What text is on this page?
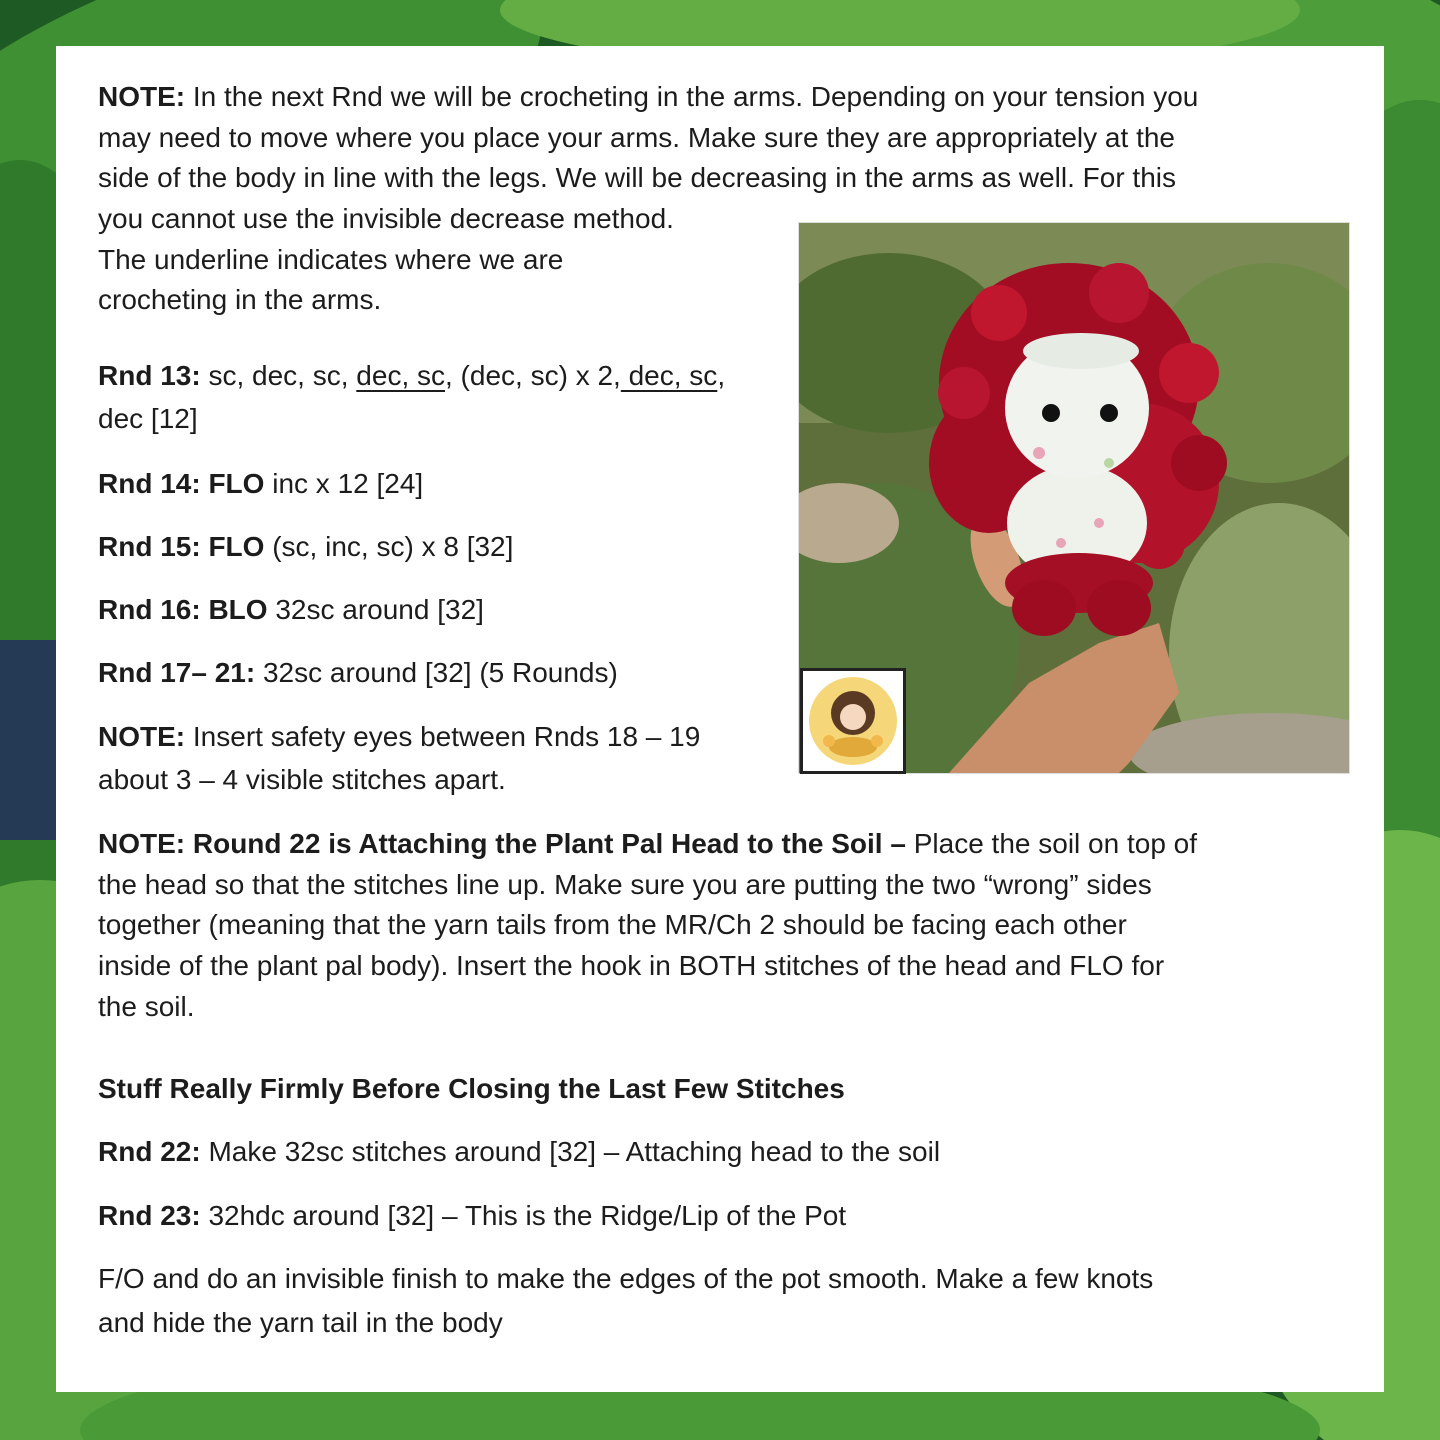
NOTE: In the next Rnd we will be crocheting in the arms. Depending on your tension you
may need to move where you place your arms. Make sure they are appropriately at the
side of the body in line with the legs. We will be decreasing in the arms as well. For this
you cannot use the invisible decrease method.
The underline indicates where we are
crocheting in the arms.
Rnd 13: sc, dec, sc, dec, sc, (dec, sc) x 2, dec, sc,
dec [12]
Rnd 14: FLO inc x 12 [24]
Rnd 15: FLO (sc, inc, sc) x 8 [32]
Rnd 16: BLO 32sc around [32]
Rnd 17– 21: 32sc around [32] (5 Rounds)
NOTE: Insert safety eyes between Rnds 18 – 19
about 3 – 4 visible stitches apart.
NOTE: Round 22 is Attaching the Plant Pal Head to the Soil – Place the soil on top of
the head so that the stitches line up. Make sure you are putting the two “wrong” sides
together (meaning that the yarn tails from the MR/Ch 2 should be facing each other
inside of the plant pal body). Insert the hook in BOTH stitches of the head and FLO for
the soil.
Stuff Really Firmly Before Closing the Last Few Stitches
Rnd 22: Make 32sc stitches around [32] – Attaching head to the soil
Rnd 23: 32hdc around [32] – This is the Ridge/Lip of the Pot
F/O and do an invisible finish to make the edges of the pot smooth. Make a few knots
and hide the yarn tail in the body
